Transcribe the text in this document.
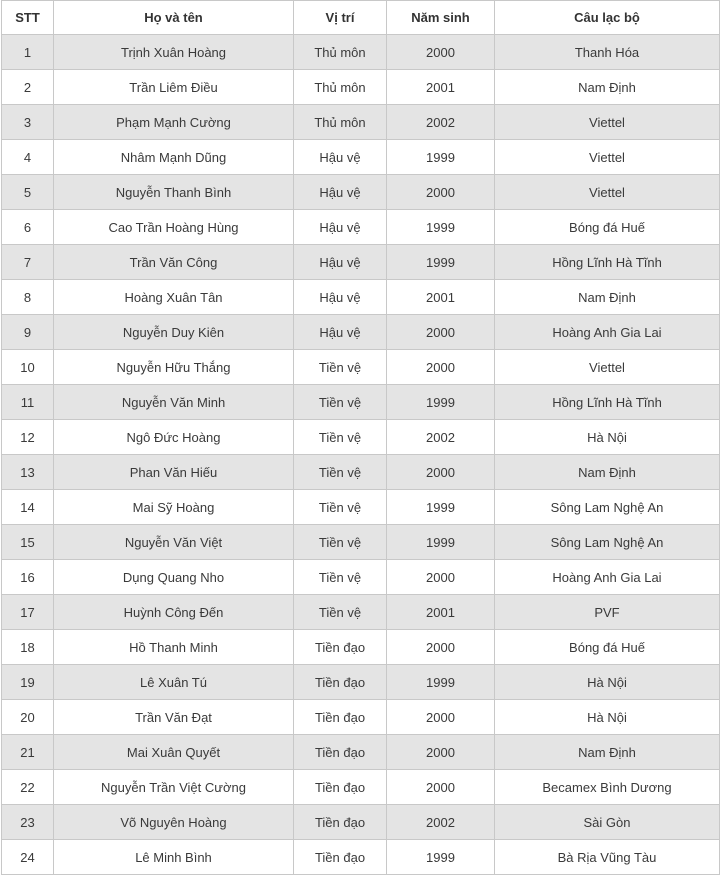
STT	Họ và tên	Vị trí	Năm sinh	Câu lạc bộ
1	Trịnh Xuân Hoàng	Thủ môn	2000	Thanh Hóa
2	Trần Liêm Điều	Thủ môn	2001	Nam Định
3	Phạm Mạnh Cường	Thủ môn	2002	Viettel
4	Nhâm Mạnh Dũng	Hậu vệ	1999	Viettel
5	Nguyễn Thanh Bình	Hậu vệ	2000	Viettel
6	Cao Trần Hoàng Hùng	Hậu vệ	1999	Bóng đá Huế
7	Trần Văn Công	Hậu vệ	1999	Hồng Lĩnh Hà Tĩnh
8	Hoàng Xuân Tân	Hậu vệ	2001	Nam Định
9	Nguyễn Duy Kiên	Hậu vệ	2000	Hoàng Anh Gia Lai
10	Nguyễn Hữu Thắng	Tiền vệ	2000	Viettel
11	Nguyễn Văn Minh	Tiền vệ	1999	Hồng Lĩnh Hà Tĩnh
12	Ngô Đức Hoàng	Tiền vệ	2002	Hà Nội
13	Phan Văn Hiếu	Tiền vệ	2000	Nam Định
14	Mai Sỹ Hoàng	Tiền vệ	1999	Sông Lam Nghệ An
15	Nguyễn Văn Việt	Tiền vệ	1999	Sông Lam Nghệ An
16	Dụng Quang Nho	Tiền vệ	2000	Hoàng Anh Gia Lai
17	Huỳnh Công Đến	Tiền vệ	2001	PVF
18	Hồ Thanh Minh	Tiền đạo	2000	Bóng đá Huế
19	Lê Xuân Tú	Tiền đạo	1999	Hà Nội
20	Trần Văn Đạt	Tiền đạo	2000	Hà Nội
21	Mai Xuân Quyết	Tiền đạo	2000	Nam Định
22	Nguyễn Trần Việt Cường	Tiền đạo	2000	Becamex Bình Dương
23	Võ Nguyên Hoàng	Tiền đạo	2002	Sài Gòn
24	Lê Minh Bình	Tiền đạo	1999	Bà Rịa Vũng Tàu
